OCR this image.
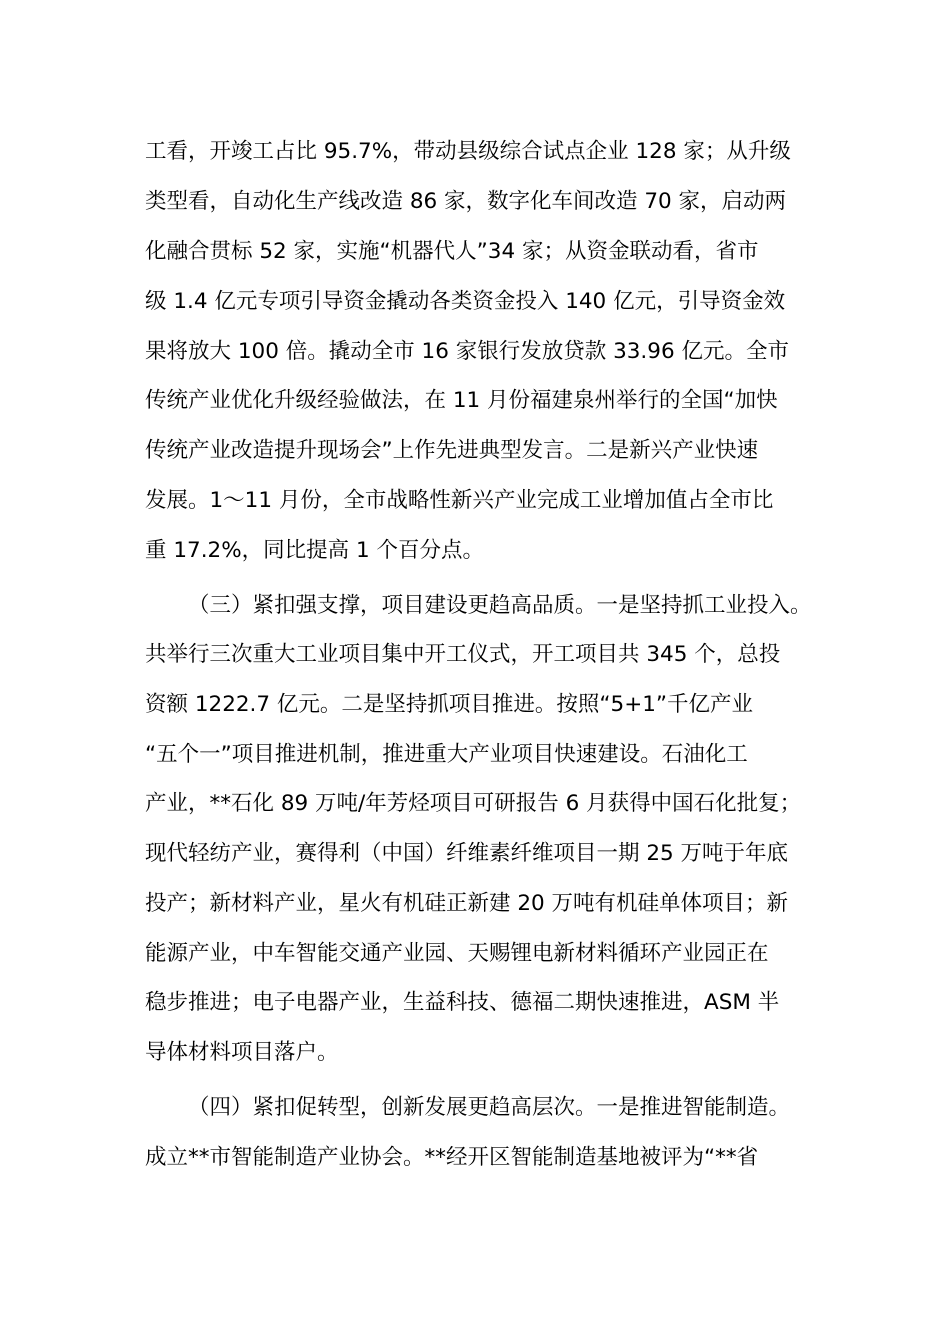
工看，开竣工占比 95.7%，带动县级综合试点企业 128 家；从升级
类型看，自动化生产线改造 86 家，数字化车间改造 70 家，启动两
化融合贯标 52 家，实施“机器代人”34 家；从资金联动看，省市
级 1.4 亿元专项引导资金撬动各类资金投入 140 亿元，引导资金效
果将放大 100 倍。撬动全市 16 家银行发放贷款 33.96 亿元。全市
传统产业优化升级经验做法，在 11 月份福建泉州举行的全国“加快
传统产业改造提升现场会”上作先进典型发言。二是新兴产业快速
发展。1～11 月份，全市战略性新兴产业完成工业增加值占全市比
重 17.2%，同比提高 1 个百分点。
（三）紧扣强支撑，项目建设更趋高品质。一是坚持抓工业投入。
共举行三次重大工业项目集中开工仪式，开工项目共 345 个，总投
资额 1222.7 亿元。二是坚持抓项目推进。按照“5+1”千亿产业
“五个一”项目推进机制，推进重大产业项目快速建设。石油化工
产业，**石化 89 万吨/年芳烃项目可研报告 6 月获得中国石化批复；
现代轻纺产业，赛得利（中国）纤维素纤维项目一期 25 万吨于年底
投产；新材料产业，星火有机硅正新建 20 万吨有机硅单体项目；新
能源产业，中车智能交通产业园、天赐锂电新材料循环产业园正在
稳步推进；电子电器产业，生益科技、德福二期快速推进，ASM 半
导体材料项目落户。
（四）紧扣促转型，创新发展更趋高层次。一是推进智能制造。
成立**市智能制造产业协会。**经开区智能制造基地被评为“**省
